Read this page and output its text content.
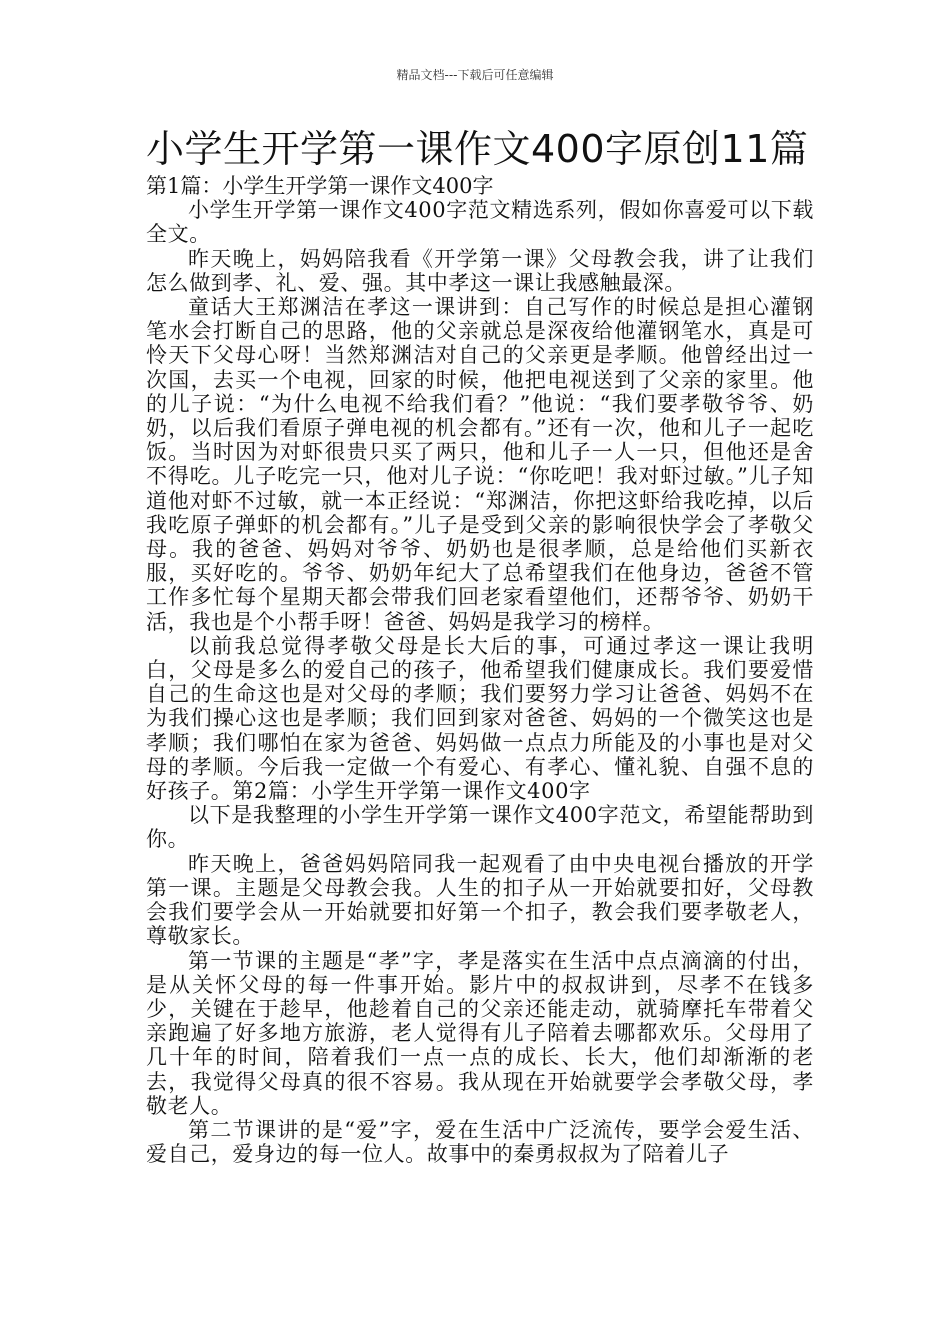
精品文档---下载后可任意编辑
小学生开学第一课作文400字原创11篇
第1篇：小学生开学第一课作文400字

小学生开学第一课作文400字范文精选系列，假如你喜爱可以下载全文。

昨天晚上，妈妈陪我看《开学第一课》父母教会我，讲了让我们怎么做到孝、礼、爱、强。其中孝这一课让我感触最深。

童话大王郑渊洁在孝这一课讲到：自己写作的时候总是担心灌钢笔水会打断自己的思路，他的父亲就总是深夜给他灌钢笔水，真是可怜天下父母心呀！当然郑渊洁对自己的父亲更是孝顺。他曾经出过一次国，去买一个电视，回家的时候，他把电视送到了父亲的家里。他的儿子说：“为什么电视不给我们看？”他说：“我们要孝敬爷爷、奶奶，以后我们看原子弹电视的机会都有。”还有一次，他和儿子一起吃饭。当时因为对虾很贵只买了两只，他和儿子一人一只，但他还是舍不得吃。儿子吃完一只，他对儿子说：“你吃吧！我对虾过敏。”儿子知道他对虾不过敏，就一本正经说：“郑渊洁，你把这虾给我吃掉，以后我吃原子弹虾的机会都有。”儿子是受到父亲的影响很快学会了孝敬父母。我的爸爸、妈妈对爷爷、奶奶也是很孝顺，总是给他们买新衣服，买好吃的。爷爷、奶奶年纪大了总希望我们在他身边，爸爸不管工作多忙每个星期天都会带我们回老家看望他们，还帮爷爷、奶奶干活，我也是个小帮手呀！爸爸、妈妈是我学习的榜样。

以前我总觉得孝敬父母是长大后的事，可通过孝这一课让我明白，父母是多么的爱自己的孩子，他希望我们健康成长。我们要爱惜自己的生命这也是对父母的孝顺；我们要努力学习让爸爸、妈妈不在为我们操心这也是孝顺；我们回到家对爸爸、妈妈的一个微笑这也是孝顺；我们哪怕在家为爸爸、妈妈做一点点力所能及的小事也是对父母的孝顺。今后我一定做一个有爱心、有孝心、懂礼貌、自强不息的好孩子。第2篇：小学生开学第一课作文400字

以下是我整理的小学生开学第一课作文400字范文，希望能帮助到你。

昨天晚上，爸爸妈妈陪同我一起观看了由中央电视台播放的开学第一课。主题是父母教会我。人生的扣子从一开始就要扣好，父母教会我们要学会从一开始就要扣好第一个扣子，教会我们要孝敬老人，尊敬家长。

第一节课的主题是“孝”字，孝是落实在生活中点点滴滴的付出，是从关怀父母的每一件事开始。影片中的叔叔讲到，尽孝不在钱多少，关键在于趁早，他趁着自己的父亲还能走动，就骑摩托车带着父亲跑遍了好多地方旅游，老人觉得有儿子陪着去哪都欢乐。父母用了几十年的时间，陪着我们一点一点的成长、长大，他们却渐渐的老去，我觉得父母真的很不容易。我从现在开始就要学会孝敬父母，孝敬老人。

第二节课讲的是“爱”字，爱在生活中广泛流传，要学会爱生活、爱自己，爱身边的每一位人。故事中的秦勇叔叔为了陪着儿子
